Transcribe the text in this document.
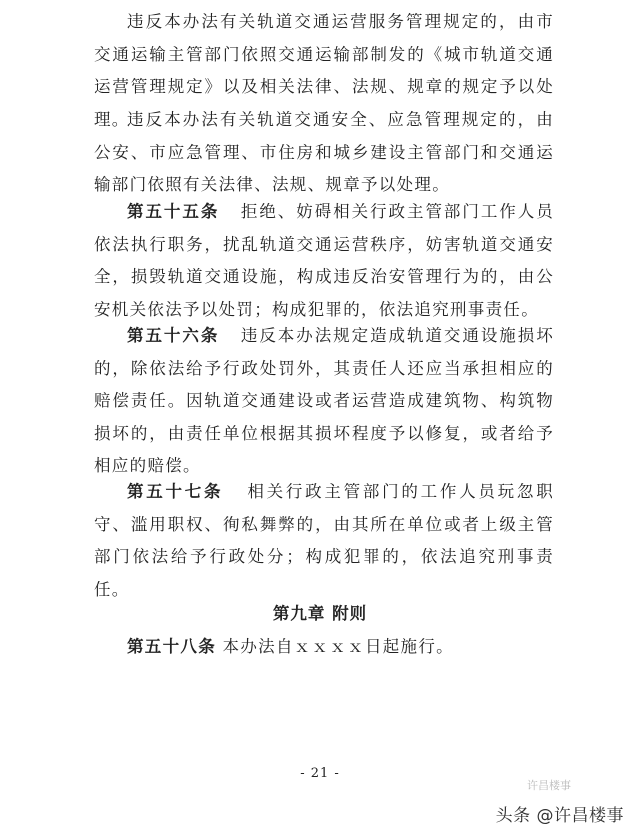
违反本办法有关轨道交通运营服务管理规定的，由市交通运输主管部门依照交通运输部制发的《城市轨道交通运营管理规定》以及相关法律、法规、规章的规定予以处理。

违反本办法有关轨道交通安全、应急管理规定的，由公安、市应急管理、市住房和城乡建设主管部门和交通运输部门依照有关法律、法规、规章予以处理。

第五十五条 拒绝、妨碍相关行政主管部门工作人员依法执行职务，扰乱轨道交通运营秩序，妨害轨道交通安全，损毁轨道交通设施，构成违反治安管理行为的，由公安机关依法予以处罚；构成犯罪的，依法追究刑事责任。

第五十六条 违反本办法规定造成轨道交通设施损坏的，除依法给予行政处罚外，其责任人还应当承担相应的赔偿责任。因轨道交通建设或者运营造成建筑物、构筑物损坏的，由责任单位根据其损坏程度予以修复，或者给予相应的赔偿。

第五十七条 相关行政主管部门的工作人员玩忽职守、滥用职权、徇私舞弊的，由其所在单位或者上级主管部门依法给予行政处分；构成犯罪的，依法追究刑事责任。

第九章 附则

第五十八条 本办法自ｘｘｘｘ日起施行。

- 21 -
许昌楼事
头条 @许昌楼事
